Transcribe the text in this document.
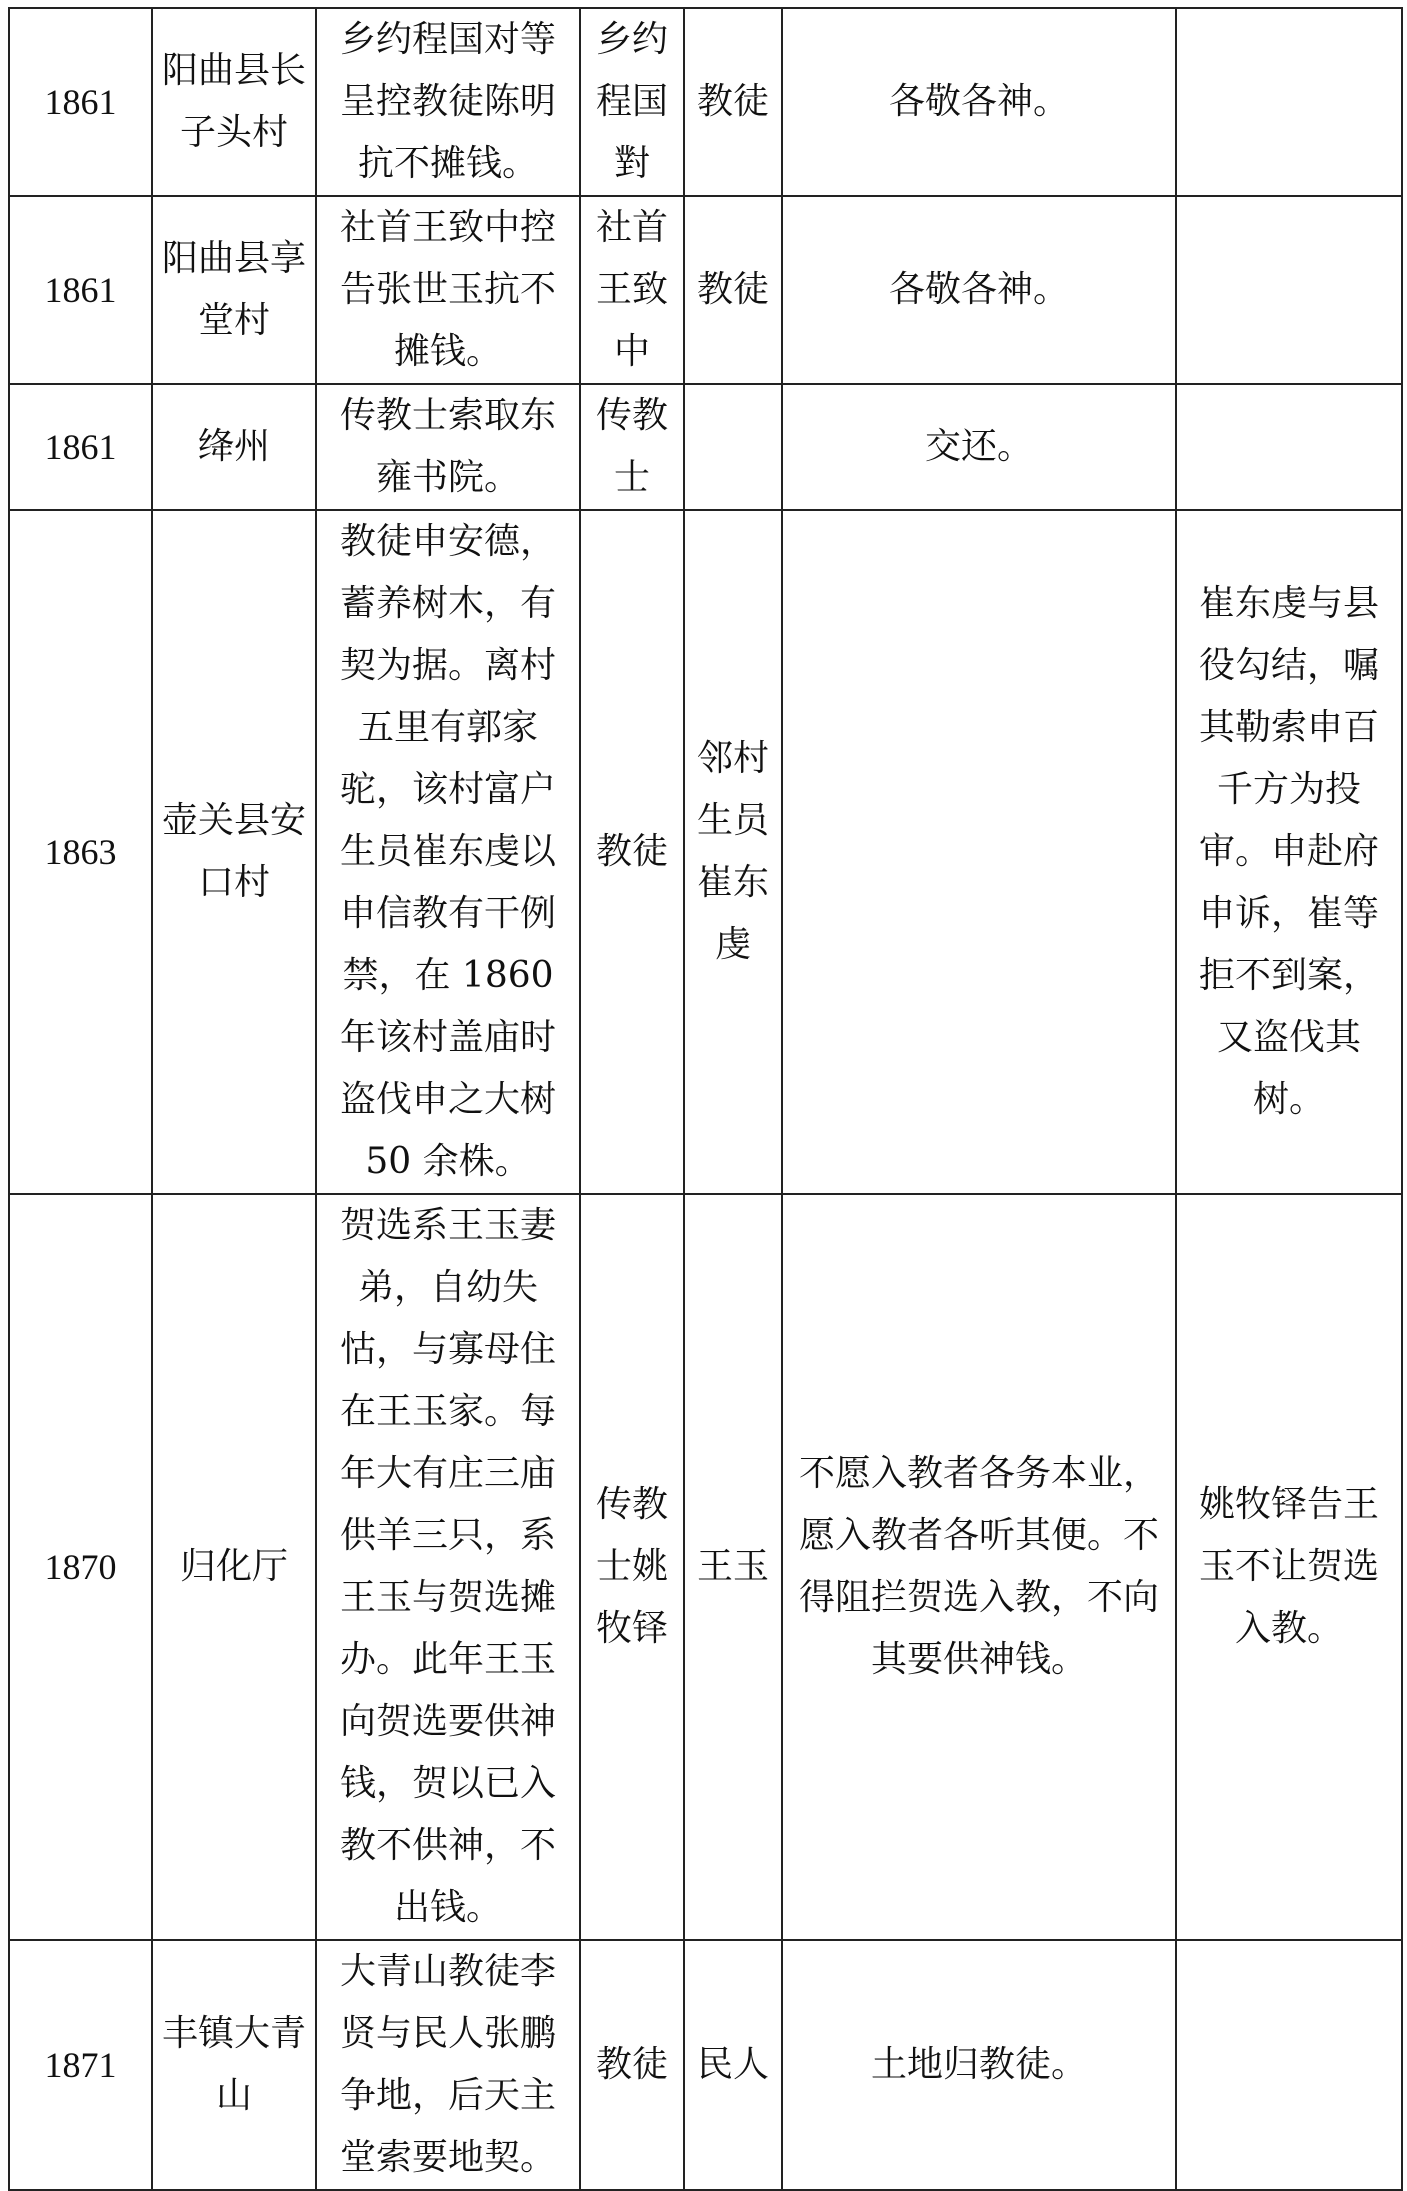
1861	阳曲县长子头村	乡约程国对等呈控教徒陈明抗不摊钱。	乡约程国對	教徒	各敬各神。	
1861	阳曲县享堂村	社首王致中控告张世玉抗不摊钱。	社首王致中	教徒	各敬各神。	
1861	绛州	传教士索取东雍书院。	传教士		交还。	
1863	壶关县安口村	教徒申安德，蓄养树木，有契为据。离村五里有郭家驼，该村富户生员崔东虔以申信教有干例禁，在 1860 年该村盖庙时盗伐申之大树 50 余株。	教徒	邻村生员崔东虔		崔东虔与县役勾结，嘱其勒索申百千方为投审。申赴府申诉，崔等拒不到案，又盗伐其树。
1870	归化厅	贺选系王玉妻弟，自幼失怙，与寡母住在王玉家。每年大有庄三庙供羊三只，系王玉与贺选摊办。此年王玉向贺选要供神钱，贺以已入教不供神，不出钱。	传教士姚牧铎	王玉	不愿入教者各务本业，愿入教者各听其便。不得阻拦贺选入教，不向其要供神钱。	姚牧铎告王玉不让贺选入教。
1871	丰镇大青山	大青山教徒李贤与民人张鹏争地，后天主堂索要地契。	教徒	民人	土地归教徒。	
